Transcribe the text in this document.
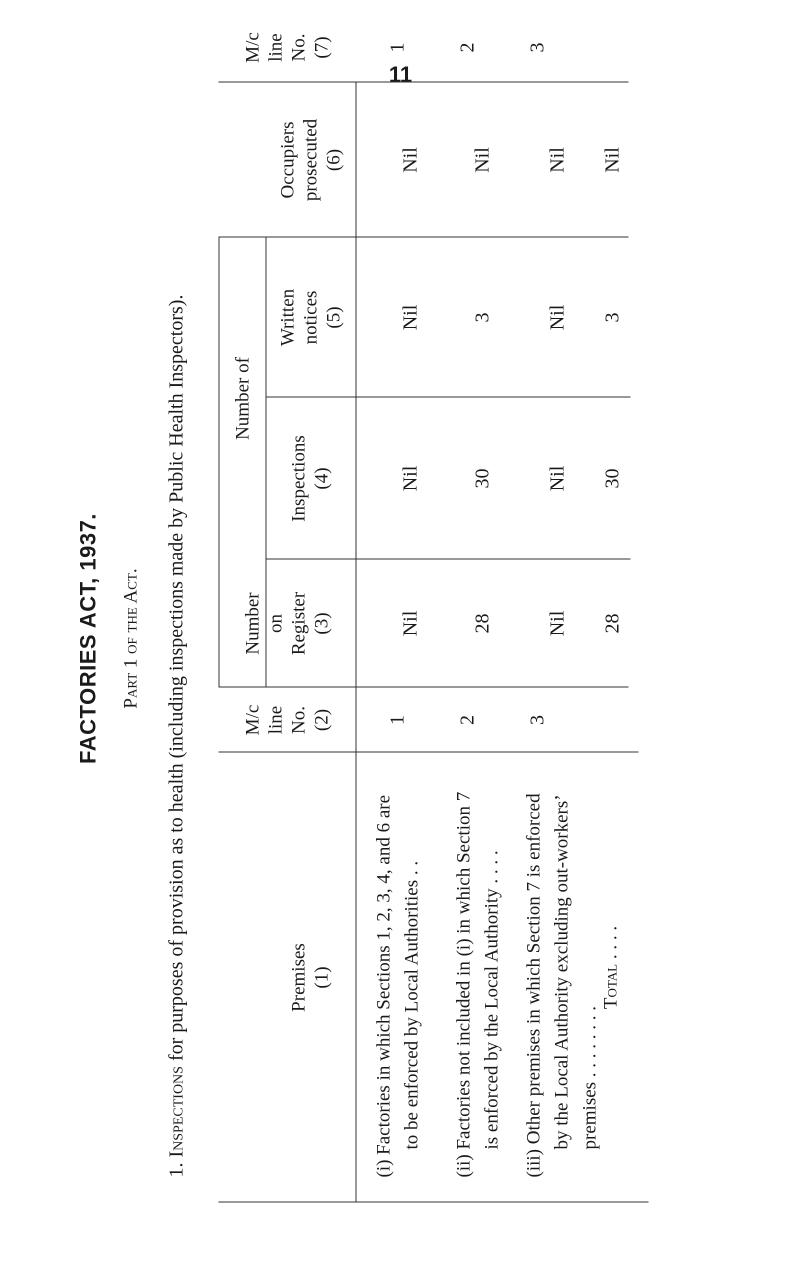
11
FACTORIES ACT, 1937. Part 1 of the Act.
1. Inspections for purposes of provision as to health (including inspections made by Public Health Inspectors).	Premises (1)
M/c line No. (2)
Number on Register (3)
Number of
Inspections (4)
Written notices (5)
Occupiers prosecuted (6)
M/c line No. (7)
(i) Factories in which Sections 1, 2, 3, 4, and 6 are to be enforced by Local Authorities . .
1
Nil
Nil
Nil
Nil
1
(ii) Factories not included in (i) in which Section 7 is enforced by the Local Authority . . . .
2
28
30
3
Nil
2
(iii) Other premises in which Section 7 is enforced by the Local Authority excluding out-workers’ premises . . . . . . . .
3
Nil
Nil
Nil
Nil
3
Total . . . .
28
30
3
Nil
